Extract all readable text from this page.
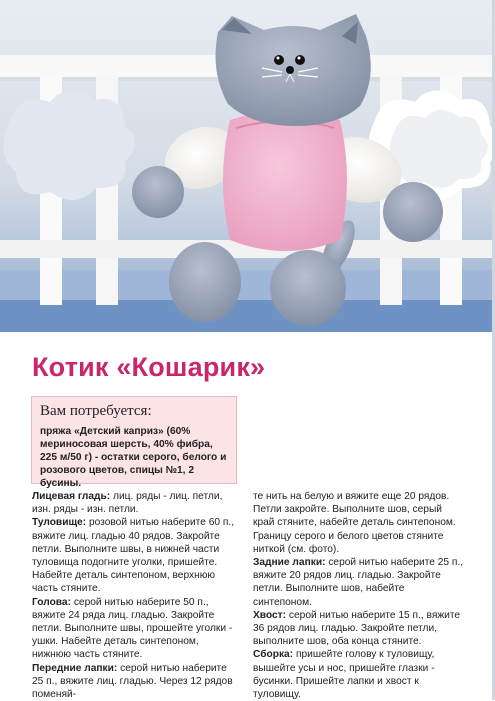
Котик «Кошарик»
Вам потребуется:
пряжа «Детский каприз» (60% мериносовая шерсть, 40% фибра, 225 м/50 г) - остатки серого, белого и розового цветов, спицы №1, 2 бусины.

Лицевая гладь: лиц. ряды - лиц. петли, изн. ряды - изн. петли.

Туловище: розовой нитью наберите 60 п., вяжите лиц. гладью 40 рядов. Закройте петли. Выполните швы, в нижней части туловища подогните уголки, пришейте. Набейте деталь синтепоном, верхнюю часть стяните.

Голова: серой нитью наберите 50 п., вяжите 24 ряда лиц. гладью. Закройте петли. Выполните швы, прошейте уголки - ушки. Набейте деталь синтепоном, нижнюю часть стяните.

Передние лапки: серой нитью наберите 25 п., вяжите лиц. гладью. Через 12 рядов поменяй-

те нить на белую и вяжите еще 20 рядов. Петли закройте. Выполните шов, серый край стяните, набейте деталь синтепоном. Границу серого и белого цветов стяните ниткой (см. фото).

Задние лапки: серой нитью наберите 25 п., вяжите 20 рядов лиц. гладью. Закройте петли. Выполните шов, набейте синтепоном.

Хвост: серой нитью наберите 15 п., вяжите 36 рядов лиц. гладью. Закройте петли, выполните шов, оба конца стяните.

Сборка: пришейте голову к туловищу, вышейте усы и нос, пришейте глазки - бусинки. Пришейте лапки и хвост к туловищу.
